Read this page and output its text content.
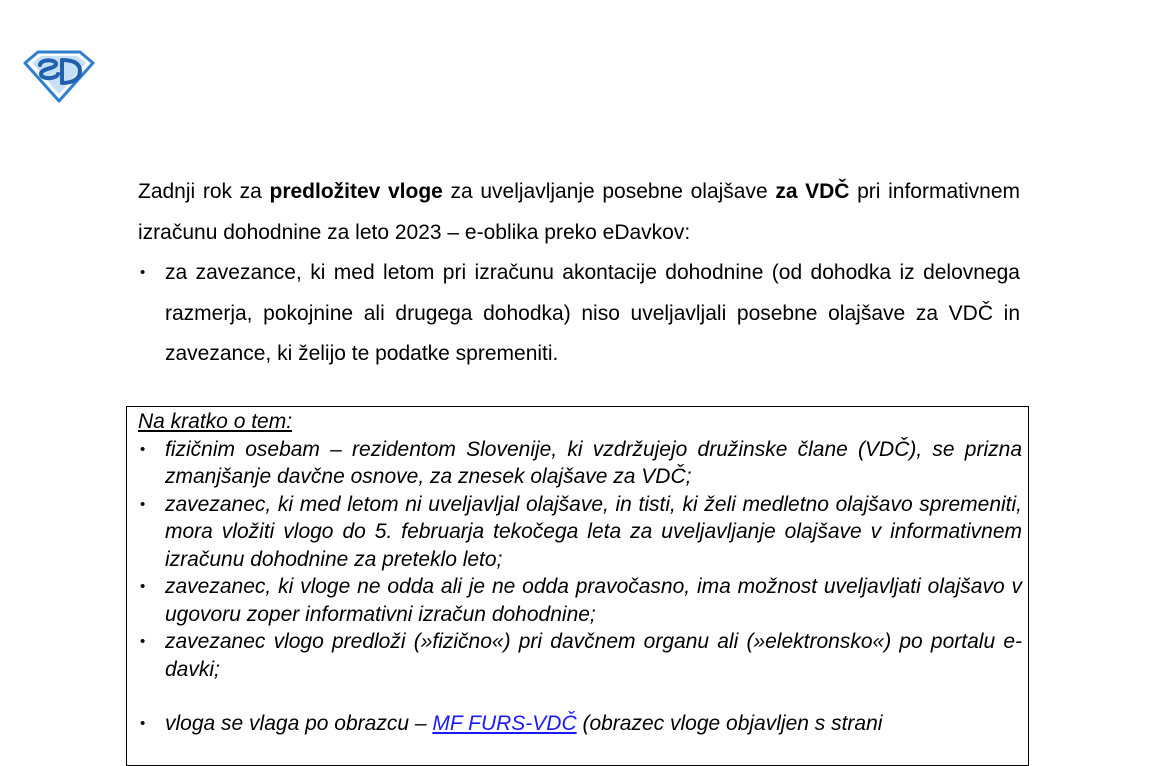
Zadnji rok za predložitev vloge za uveljavljanje posebne olajšave za VDČ pri informativnem izračunu dohodnine za leto 2023 – e-oblika preko eDavkov:

• za zavezance, ki med letom pri izračunu akontacije dohodnine (od dohodka iz delovnega razmerja, pokojnine ali drugega dohodka) niso uveljavljali posebne olajšave za VDČ in zavezance, ki želijo te podatke spremeniti.

Na kratko o tem:

• fizičnim osebam – rezidentom Slovenije, ki vzdržujejo družinske člane (VDČ), se prizna zmanjšanje davčne osnove, za znesek olajšave za VDČ;
• zavezanec, ki med letom ni uveljavljal olajšave, in tisti, ki želi medletno olajšavo spremeniti, mora vložiti vlogo do 5. februarja tekočega leta za uveljavljanje olajšave v informativnem izračunu dohodnine za preteklo leto;
• zavezanec, ki vloge ne odda ali je ne odda pravočasno, ima možnost uveljavljati olajšavo v ugovoru zoper informativni izračun dohodnine;
• zavezanec vlogo predloži (»fizično«) pri davčnem organu ali (»elektronsko«) po portalu e-davki;
• vloga se vlaga po obrazcu – MF FURS-VDČ (obrazec vloge objavljen s strani
